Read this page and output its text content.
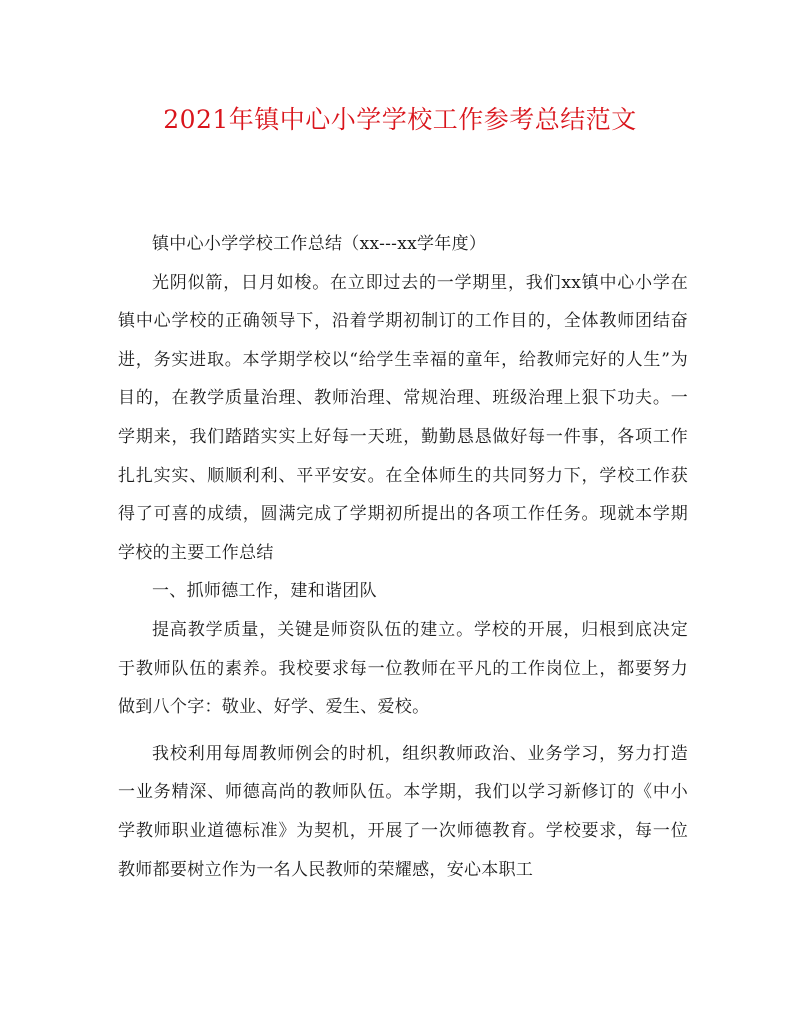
2021年镇中心小学学校工作参考总结范文

镇中心小学学校工作总结（xx---xx学年度）

光阴似箭，日月如梭。在立即过去的一学期里，我们xx镇中心小学在镇中心学校的正确领导下，沿着学期初制订的工作目的，全体教师团结奋进，务实进取。本学期学校以“给学生幸福的童年，给教师完好的人生”为目的，在教学质量治理、教师治理、常规治理、班级治理上狠下功夫。一学期来，我们踏踏实实上好每一天班，勤勤恳恳做好每一件事，各项工作扎扎实实、顺顺利利、平平安安。在全体师生的共同努力下，学校工作获得了可喜的成绩，圆满完成了学期初所提出的各项工作任务。现就本学期学校的主要工作总结

一、抓师德工作，建和谐团队

提高教学质量，关键是师资队伍的建立。学校的开展，归根到底决定于教师队伍的素养。我校要求每一位教师在平凡的工作岗位上，都要努力做到八个字：敬业、好学、爱生、爱校。

我校利用每周教师例会的时机，组织教师政治、业务学习，努力打造一业务精深、师德高尚的教师队伍。本学期，我们以学习新修订的《中小学教师职业道德标准》为契机，开展了一次师德教育。学校要求，每一位教师都要树立作为一名人民教师的荣耀感，安心本职工
